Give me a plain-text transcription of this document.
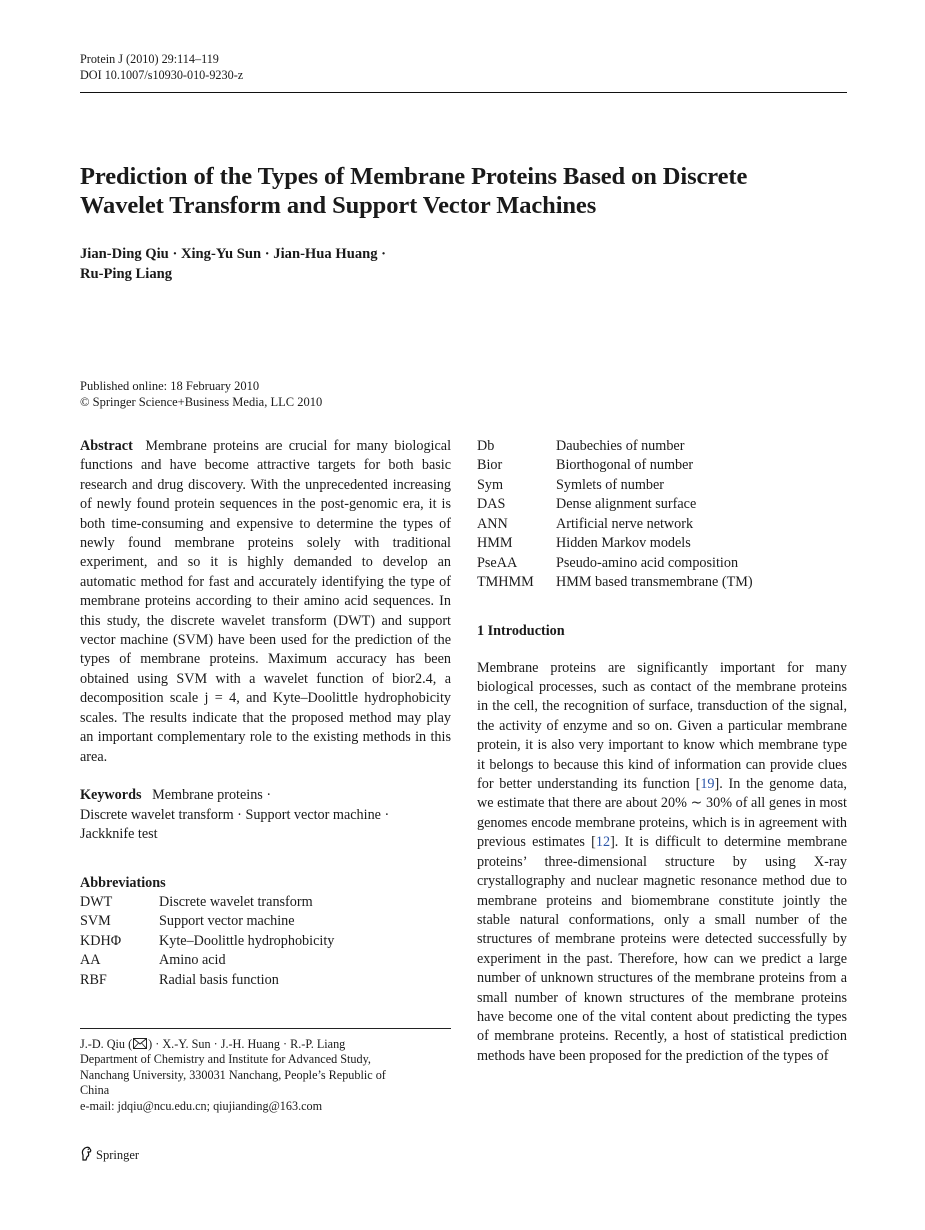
Protein J (2010) 29:114–119
DOI 10.1007/s10930-010-9230-z
Prediction of the Types of Membrane Proteins Based on Discrete
Wavelet Transform and Support Vector Machines
Jian-Ding Qiu · Xing-Yu Sun · Jian-Hua Huang ·
Ru-Ping Liang
Published online: 18 February 2010
© Springer Science+Business Media, LLC 2010

Abstract Membrane proteins are crucial for many biological functions and have become attractive targets for both basic research and drug discovery. With the unprecedented increasing of newly found protein sequences in the post-genomic era, it is both time-consuming and expensive to determine the types of newly found membrane proteins solely with traditional experiment, and so it is highly demanded to develop an automatic method for fast and accurately identifying the type of membrane proteins according to their amino acid sequences. In this study, the discrete wavelet transform (DWT) and support vector machine (SVM) have been used for the prediction of the types of membrane proteins. Maximum accuracy has been obtained using SVM with a wavelet function of bior2.4, a decomposition scale j = 4, and Kyte–Doolittle hydrophobicity scales. The results indicate that the proposed method may play an important complementary role to the existing methods in this area.

Keywords Membrane proteins ·
Discrete wavelet transform · Support vector machine ·
Jackknife test
Abbreviations
DWT	Discrete wavelet transform
SVM	Support vector machine
KDHΦ	Kyte–Doolittle hydrophobicity
AA	Amino acid
RBF	Radial basis function
J.-D. Qiu ( ) · X.-Y. Sun · J.-H. Huang · R.-P. Liang
Department of Chemistry and Institute for Advanced Study,
Nanchang University, 330031 Nanchang, People’s Republic of
China
e-mail: jdqiu@ncu.edu.cn; qiujianding@163.com
Db	Daubechies of number
Bior	Biorthogonal of number
Sym	Symlets of number
DAS	Dense alignment surface
ANN	Artificial nerve network
HMM	Hidden Markov models
PseAA	Pseudo-amino acid composition
TMHMM	HMM based transmembrane (TM)
1 Introduction

Membrane proteins are significantly important for many biological processes, such as contact of the membrane proteins in the cell, the recognition of surface, transduction of the signal, the activity of enzyme and so on. Given a particular membrane protein, it is also very important to know which membrane type it belongs to because this kind of information can provide clues for better understanding its function [19]. In the genome data, we estimate that there are about 20% ∼ 30% of all genes in most genomes encode membrane proteins, which is in agreement with previous estimates [12]. It is difficult to determine membrane proteins’ three-dimensional structure by using X-ray crystallography and nuclear magnetic resonance method due to membrane proteins and biomembrane constitute jointly the stable natural conformations, only a small number of the structures of membrane proteins were detected successfully by experiment in the past. Therefore, how can we predict a large number of unknown structures of the membrane proteins from a small number of known structures of the membrane proteins have become one of the vital content about predicting the types of membrane proteins. Recently, a host of statistical prediction methods have been proposed for the prediction of the types of

Springer
